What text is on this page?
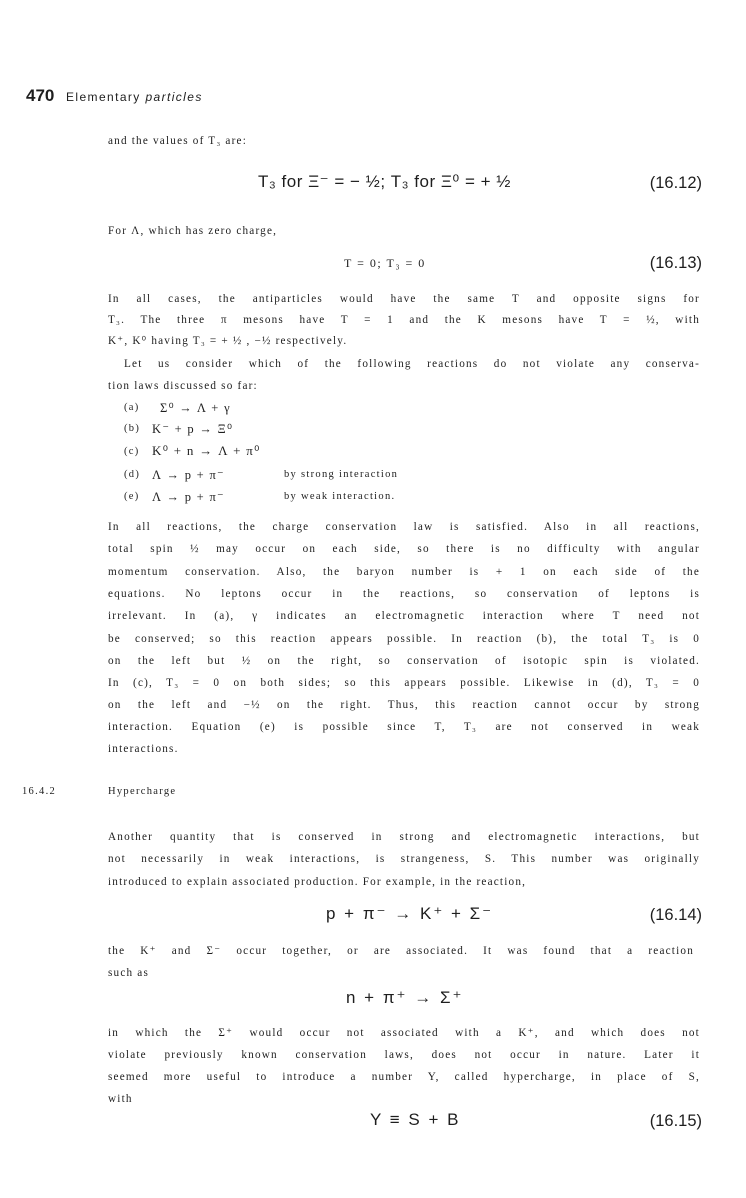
470 Elementary particles
and the values of T₃ are:
T₃ for Ξ⁻ = − ½; T₃ for Ξ⁰ = + ½	(16.12)
For Λ, which has zero charge,
T = 0; T₃ = 0	(16.13)
In all cases, the antiparticles would have the same T and opposite signs for
T₃. The three π mesons have T = 1 and the K mesons have T = ½, with
K⁺, K⁰ having T₃ = + ½ , −½ respectively.
Let us consider which of the following reactions do not violate any conserva-
tion laws discussed so far:
(a) Σ⁰ → Λ + γ
(b) K⁻ + p → Ξ⁰
(c) K⁰ + n → Λ + π⁰
(d) Λ → p + π⁻	by strong interaction
(e) Λ → p + π⁻	by weak interaction.
In all reactions, the charge conservation law is satisfied. Also in all reactions,
total spin ½ may occur on each side, so there is no difficulty with angular
momentum conservation. Also, the baryon number is + 1 on each side of the
equations. No leptons occur in the reactions, so conservation of leptons is
irrelevant. In (a), γ indicates an electromagnetic interaction where T need not
be conserved; so this reaction appears possible. In reaction (b), the total T₃ is 0
on the left but ½ on the right, so conservation of isotopic spin is violated.
In (c), T₃ = 0 on both sides; so this appears possible. Likewise in (d), T₃ = 0
on the left and −½ on the right. Thus, this reaction cannot occur by strong
interaction. Equation (e) is possible since T, T₃ are not conserved in weak
interactions.
16.4.2	Hypercharge
Another quantity that is conserved in strong and electromagnetic interactions, but
not necessarily in weak interactions, is strangeness, S. This number was originally
introduced to explain associated production. For example, in the reaction,
p + π⁻ → K⁺ + Σ⁻	(16.14)
the K⁺ and Σ⁻ occur together, or are associated. It was found that a reaction
such as
n + π⁺ → Σ⁺
in which the Σ⁺ would occur not associated with a K⁺, and which does not
violate previously known conservation laws, does not occur in nature. Later it
seemed more useful to introduce a number Y, called hypercharge, in place of S,
with
Y ≡ S + B	(16.15)
